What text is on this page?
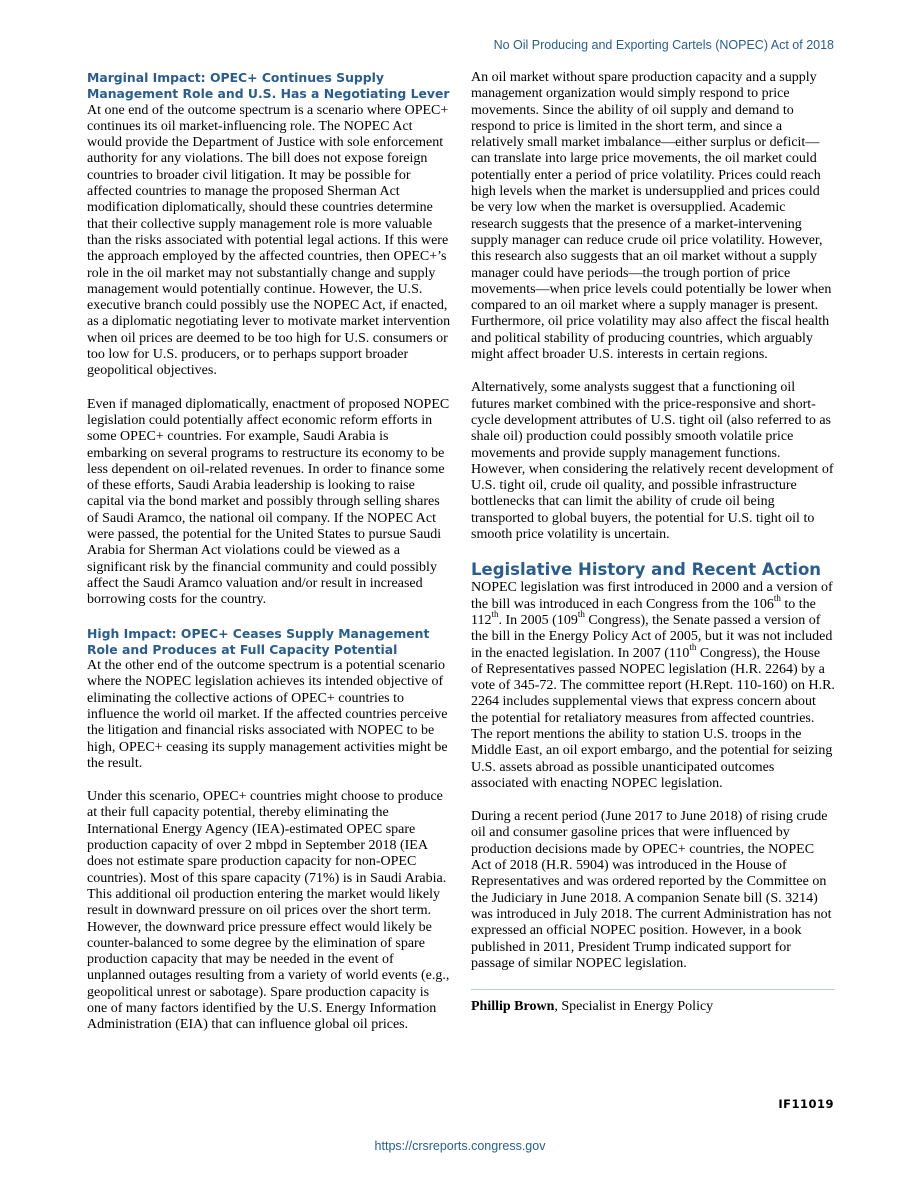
No Oil Producing and Exporting Cartels (NOPEC) Act of 2018

Marginal Impact: OPEC+ Continues Supply Management Role and U.S. Has a Negotiating Lever

At one end of the outcome spectrum is a scenario where OPEC+ continues its oil market-influencing role. The NOPEC Act would provide the Department of Justice with sole enforcement authority for any violations. The bill does not expose foreign countries to broader civil litigation. It may be possible for affected countries to manage the proposed Sherman Act modification diplomatically, should these countries determine that their collective supply management role is more valuable than the risks associated with potential legal actions. If this were the approach employed by the affected countries, then OPEC+’s role in the oil market may not substantially change and supply management would potentially continue. However, the U.S. executive branch could possibly use the NOPEC Act, if enacted, as a diplomatic negotiating lever to motivate market intervention when oil prices are deemed to be too high for U.S. consumers or too low for U.S. producers, or to perhaps support broader geopolitical objectives.

Even if managed diplomatically, enactment of proposed NOPEC legislation could potentially affect economic reform efforts in some OPEC+ countries. For example, Saudi Arabia is embarking on several programs to restructure its economy to be less dependent on oil-related revenues. In order to finance some of these efforts, Saudi Arabia leadership is looking to raise capital via the bond market and possibly through selling shares of Saudi Aramco, the national oil company. If the NOPEC Act were passed, the potential for the United States to pursue Saudi Arabia for Sherman Act violations could be viewed as a significant risk by the financial community and could possibly affect the Saudi Aramco valuation and/or result in increased borrowing costs for the country.

High Impact: OPEC+ Ceases Supply Management Role and Produces at Full Capacity Potential

At the other end of the outcome spectrum is a potential scenario where the NOPEC legislation achieves its intended objective of eliminating the collective actions of OPEC+ countries to influence the world oil market. If the affected countries perceive the litigation and financial risks associated with NOPEC to be high, OPEC+ ceasing its supply management activities might be the result.

Under this scenario, OPEC+ countries might choose to produce at their full capacity potential, thereby eliminating the International Energy Agency (IEA)-estimated OPEC spare production capacity of over 2 mbpd in September 2018 (IEA does not estimate spare production capacity for non-OPEC countries). Most of this spare capacity (71%) is in Saudi Arabia. This additional oil production entering the market would likely result in downward pressure on oil prices over the short term. However, the downward price pressure effect would likely be counter-balanced to some degree by the elimination of spare production capacity that may be needed in the event of unplanned outages resulting from a variety of world events (e.g., geopolitical unrest or sabotage). Spare production capacity is one of many factors identified by the U.S. Energy Information Administration (EIA) that can influence global oil prices.

An oil market without spare production capacity and a supply management organization would simply respond to price movements. Since the ability of oil supply and demand to respond to price is limited in the short term, and since a relatively small market imbalance—either surplus or deficit—can translate into large price movements, the oil market could potentially enter a period of price volatility. Prices could reach high levels when the market is undersupplied and prices could be very low when the market is oversupplied. Academic research suggests that the presence of a market-intervening supply manager can reduce crude oil price volatility. However, this research also suggests that an oil market without a supply manager could have periods—the trough portion of price movements—when price levels could potentially be lower when compared to an oil market where a supply manager is present. Furthermore, oil price volatility may also affect the fiscal health and political stability of producing countries, which arguably might affect broader U.S. interests in certain regions.

Alternatively, some analysts suggest that a functioning oil futures market combined with the price-responsive and short-cycle development attributes of U.S. tight oil (also referred to as shale oil) production could possibly smooth volatile price movements and provide supply management functions. However, when considering the relatively recent development of U.S. tight oil, crude oil quality, and possible infrastructure bottlenecks that can limit the ability of crude oil being transported to global buyers, the potential for U.S. tight oil to smooth price volatility is uncertain.

Legislative History and Recent Action

NOPEC legislation was first introduced in 2000 and a version of the bill was introduced in each Congress from the 106th to the 112th. In 2005 (109th Congress), the Senate passed a version of the bill in the Energy Policy Act of 2005, but it was not included in the enacted legislation. In 2007 (110th Congress), the House of Representatives passed NOPEC legislation (H.R. 2264) by a vote of 345-72. The committee report (H.Rept. 110-160) on H.R. 2264 includes supplemental views that express concern about the potential for retaliatory measures from affected countries. The report mentions the ability to station U.S. troops in the Middle East, an oil export embargo, and the potential for seizing U.S. assets abroad as possible unanticipated outcomes associated with enacting NOPEC legislation.

During a recent period (June 2017 to June 2018) of rising crude oil and consumer gasoline prices that were influenced by production decisions made by OPEC+ countries, the NOPEC Act of 2018 (H.R. 5904) was introduced in the House of Representatives and was ordered reported by the Committee on the Judiciary in June 2018. A companion Senate bill (S. 3214) was introduced in July 2018. The current Administration has not expressed an official NOPEC position. However, in a book published in 2011, President Trump indicated support for passage of similar NOPEC legislation.

Phillip Brown, Specialist in Energy Policy

IF11019
https://crsreports.congress.gov
